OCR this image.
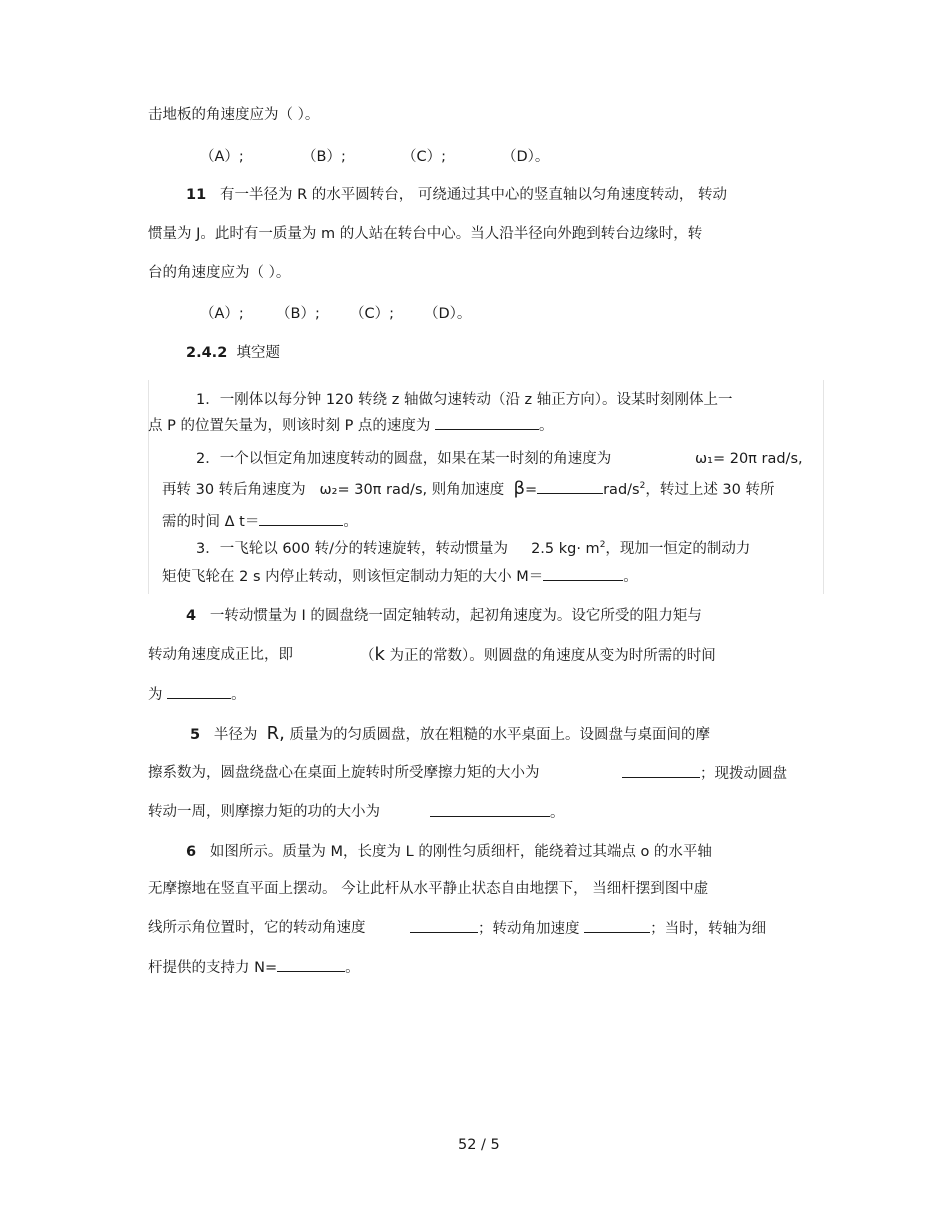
击地板的角速度应为（ ）。
（A）;	（B）;	（C）;	（D）。
11 有一半径为 R 的水平圆转台， 可绕通过其中心的竖直轴以匀角速度转动， 转动
惯量为 J。此时有一质量为 m 的人站在转台中心。当人沿半径向外跑到转台边缘时，转
台的角速度应为（ ）。
（A）; （B）; （C）; （D）。
2.4.2 填空题
1．一刚体以每分钟 120 转绕 z 轴做匀速转动（沿 z 轴正方向）。设某时刻刚体上一
点 P 的位置矢量为，则该时刻 P 点的速度为	。
2．一个以恒定角加速度转动的圆盘，如果在某一时刻的角速度为	ω₁= 20π rad/s,
再转 30 转后角速度为 ω₂= 30π rad/s, 则角加速度 β=	rad/$s^2$，转过上述 30 转所
需的时间 Δ t＝	。
3．一飞轮以 600 转/分的转速旋转，转动惯量为 2.5 $kg\cdot m^2$，现加一恒定的制动力
矩使飞轮在 2 s 内停止转动，则该恒定制动力矩的大小 M＝	。
4 一转动惯量为 I 的圆盘绕一固定轴转动，起初角速度为。设它所受的阻力矩与
转动角速度成正比，即	（k 为正的常数）。则圆盘的角速度从变为时所需的时间
为	。
5 半径为 R, 质量为的匀质圆盘，放在粗糙的水平桌面上。设圆盘与桌面间的摩
擦系数为，圆盘绕盘心在桌面上旋转时所受摩擦力矩的大小为	；现拨动圆盘
转动一周，则摩擦力矩的功的大小为	。
6 如图所示。质量为 M，长度为 L 的刚性匀质细杆，能绕着过其端点 o 的水平轴
无摩擦地在竖直平面上摆动。 今让此杆从水平静止状态自由地摆下， 当细杆摆到图中虚
线所示角位置时，它的转动角速度	；转动角加速度	；当时，转轴为细
杆提供的支持力 N=	。
52 / 5
